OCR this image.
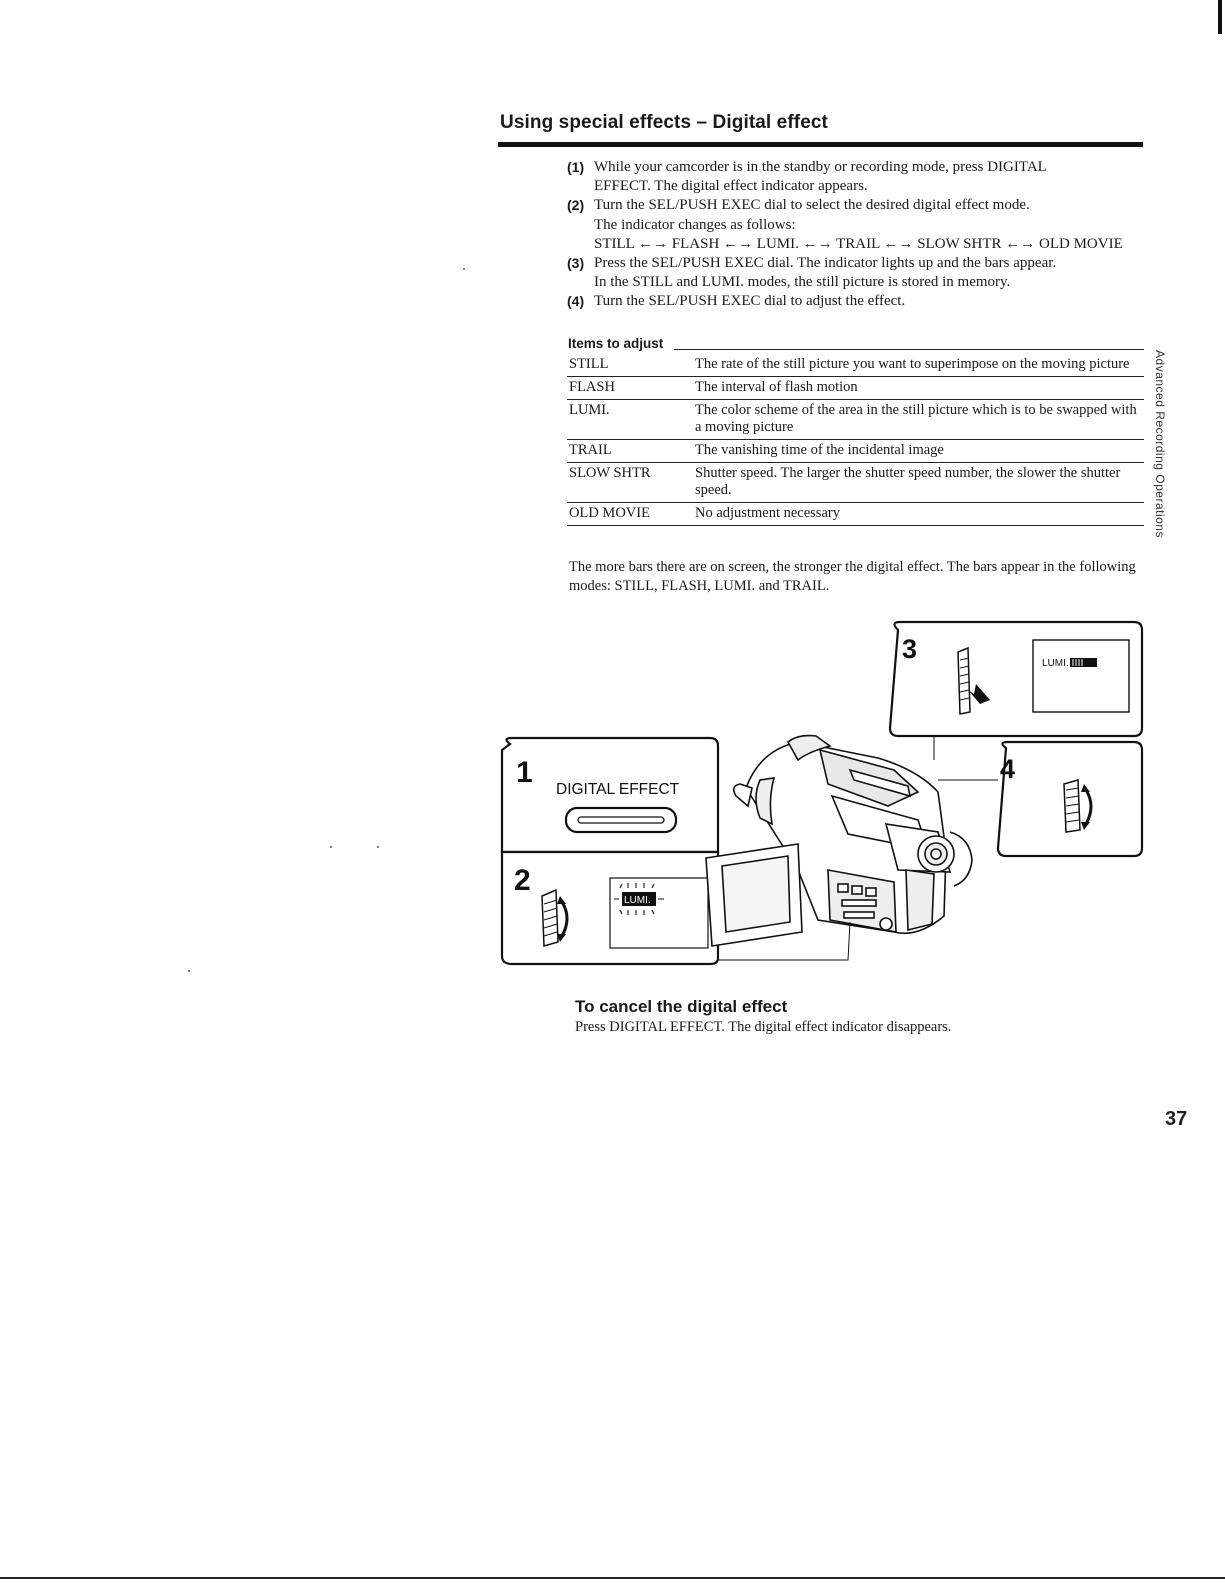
Using special effects – Digital effect
(1) While your camcorder is in the standby or recording mode, press DIGITAL
EFFECT. The digital effect indicator appears.
(2) Turn the SEL/PUSH EXEC dial to select the desired digital effect mode.
The indicator changes as follows:
STILL ←→ FLASH ←→ LUMI. ←→ TRAIL ←→ SLOW SHTR ←→ OLD MOVIE
(3) Press the SEL/PUSH EXEC dial. The indicator lights up and the bars appear.
In the STILL and LUMI. modes, the still picture is stored in memory.
(4) Turn the SEL/PUSH EXEC dial to adjust the effect.
Items to adjust
STILL	The rate of the still picture you want to superimpose on the moving picture
FLASH	The interval of flash motion
LUMI.	The color scheme of the area in the still picture which is to be swapped with a moving picture
TRAIL	The vanishing time of the incidental image
SLOW SHTR	Shutter speed. The larger the shutter speed number, the slower the shutter speed.
OLD MOVIE	No adjustment necessary	Advanced Recording Operations
The more bars there are on screen, the stronger the digital effect. The bars appear in the following modes: STILL, FLASH, LUMI. and TRAIL.
3	LUMI.
4
1
DIGITAL EFFECT
2
LUMI.
To cancel the digital effect
Press DIGITAL EFFECT. The digital effect indicator disappears.
37
